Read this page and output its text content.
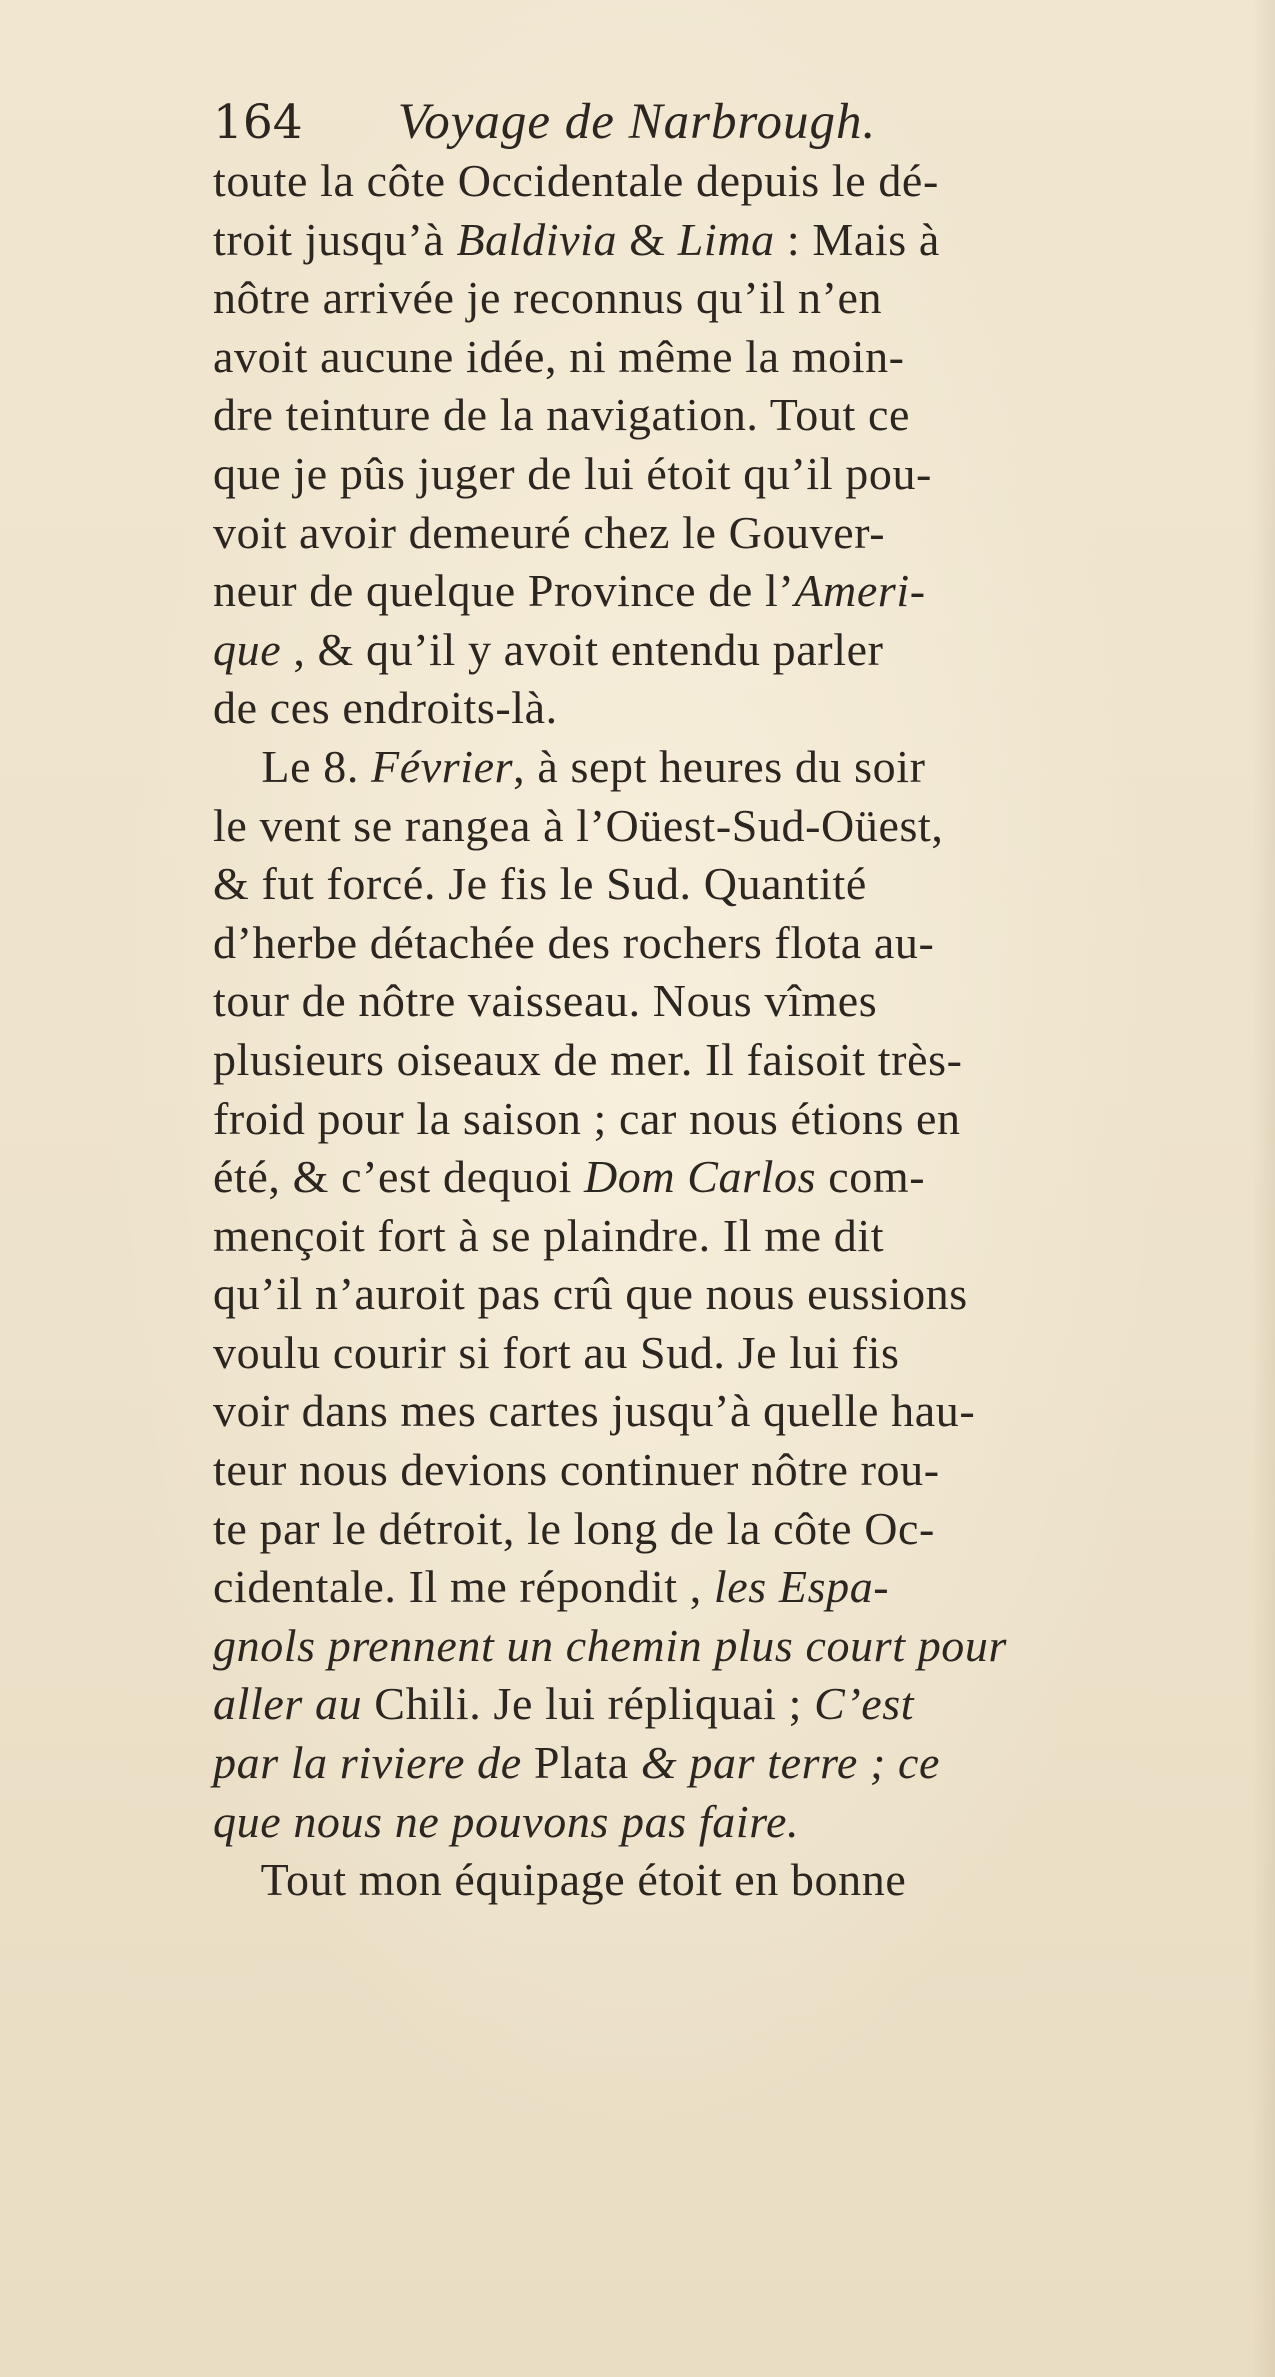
164 Voyage de Narbrough.
toute la côte Occidentale depuis le dé-
troit jusqu’à Baldivia & Lima : Mais à
nôtre arrivée je reconnus qu’il n’en
avoit aucune idée, ni même la moin-
dre teinture de la navigation. Tout ce
que je pûs juger de lui étoit qu’il pou-
voit avoir demeuré chez le Gouver-
neur de quelque Province de l’Ameri-
que , & qu’il y avoit entendu parler
de ces endroits-là.
Le 8. Février, à sept heures du soir
le vent se rangea à l’Oüest-Sud-Oüest,
& fut forcé. Je fis le Sud. Quantité
d’herbe détachée des rochers flota au-
tour de nôtre vaisseau. Nous vîmes
plusieurs oiseaux de mer. Il faisoit très-
froid pour la saison ; car nous étions en
été, & c’est dequoi Dom Carlos com-
mençoit fort à se plaindre. Il me dit
qu’il n’auroit pas crû que nous eussions
voulu courir si fort au Sud. Je lui fis
voir dans mes cartes jusqu’à quelle hau-
teur nous devions continuer nôtre rou-
te par le détroit, le long de la côte Oc-
cidentale. Il me répondit , les Espa-
gnols prennent un chemin plus court pour
aller au Chili. Je lui répliquai ; C’est
par la riviere de Plata & par terre ; ce
que nous ne pouvons pas faire.
Tout mon équipage étoit en bonne
